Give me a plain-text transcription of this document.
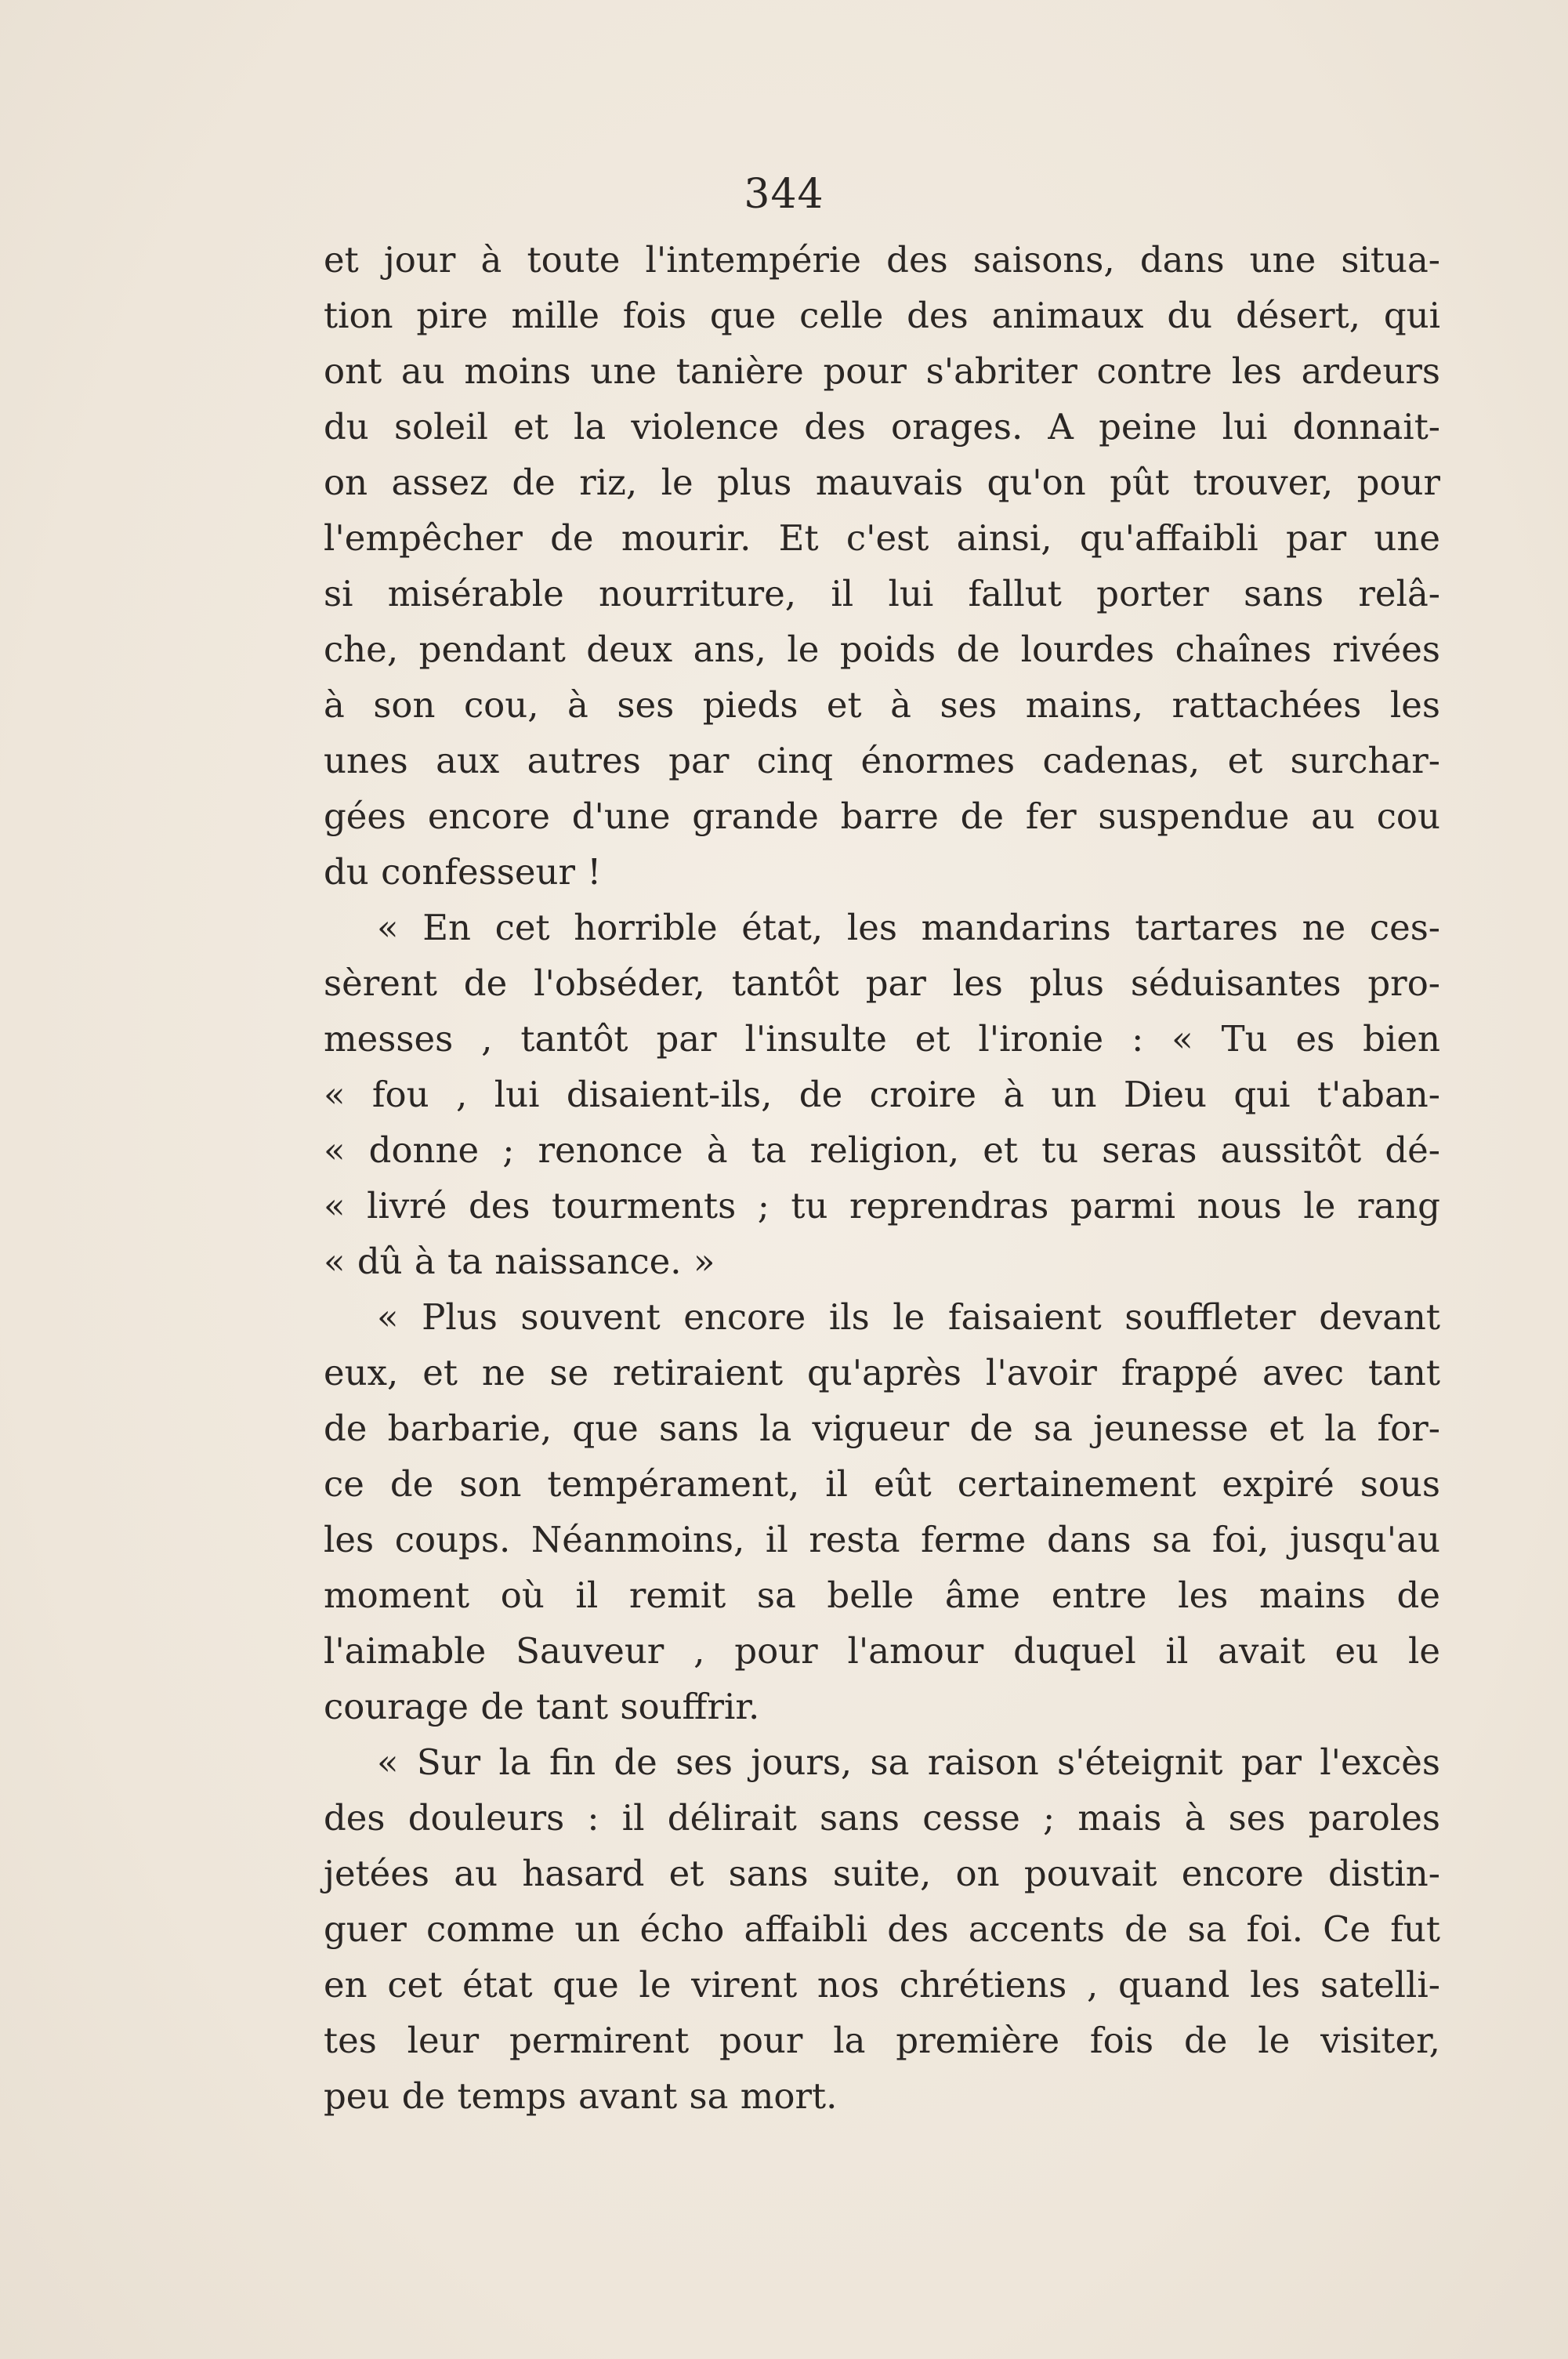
344
et jour à toute l'intempérie des saisons, dans une situa-
tion pire mille fois que celle des animaux du désert, qui
ont au moins une tanière pour s'abriter contre les ardeurs
du soleil et la violence des orages. A peine lui donnait-
on assez de riz, le plus mauvais qu'on pût trouver, pour
l'empêcher de mourir. Et c'est ainsi, qu'affaibli par une
si misérable nourriture, il lui fallut porter sans relâ-
che, pendant deux ans, le poids de lourdes chaînes rivées
à son cou, à ses pieds et à ses mains, rattachées les
unes aux autres par cinq énormes cadenas, et surchar-
gées encore d'une grande barre de fer suspendue au cou
du confesseur !
« En cet horrible état, les mandarins tartares ne ces-
sèrent de l'obséder, tantôt par les plus séduisantes pro-
messes , tantôt par l'insulte et l'ironie : « Tu es bien
« fou , lui disaient-ils, de croire à un Dieu qui t'aban-
« donne ; renonce à ta religion, et tu seras aussitôt dé-
« livré des tourments ; tu reprendras parmi nous le rang
« dû à ta naissance. »
« Plus souvent encore ils le faisaient souffleter devant
eux, et ne se retiraient qu'après l'avoir frappé avec tant
de barbarie, que sans la vigueur de sa jeunesse et la for-
ce de son tempérament, il eût certainement expiré sous
les coups. Néanmoins, il resta ferme dans sa foi, jusqu'au
moment où il remit sa belle âme entre les mains de
l'aimable Sauveur , pour l'amour duquel il avait eu le
courage de tant souffrir.
« Sur la fin de ses jours, sa raison s'éteignit par l'excès
des douleurs : il délirait sans cesse ; mais à ses paroles
jetées au hasard et sans suite, on pouvait encore distin-
guer comme un écho affaibli des accents de sa foi. Ce fut
en cet état que le virent nos chrétiens , quand les satelli-
tes leur permirent pour la première fois de le visiter,
peu de temps avant sa mort.
